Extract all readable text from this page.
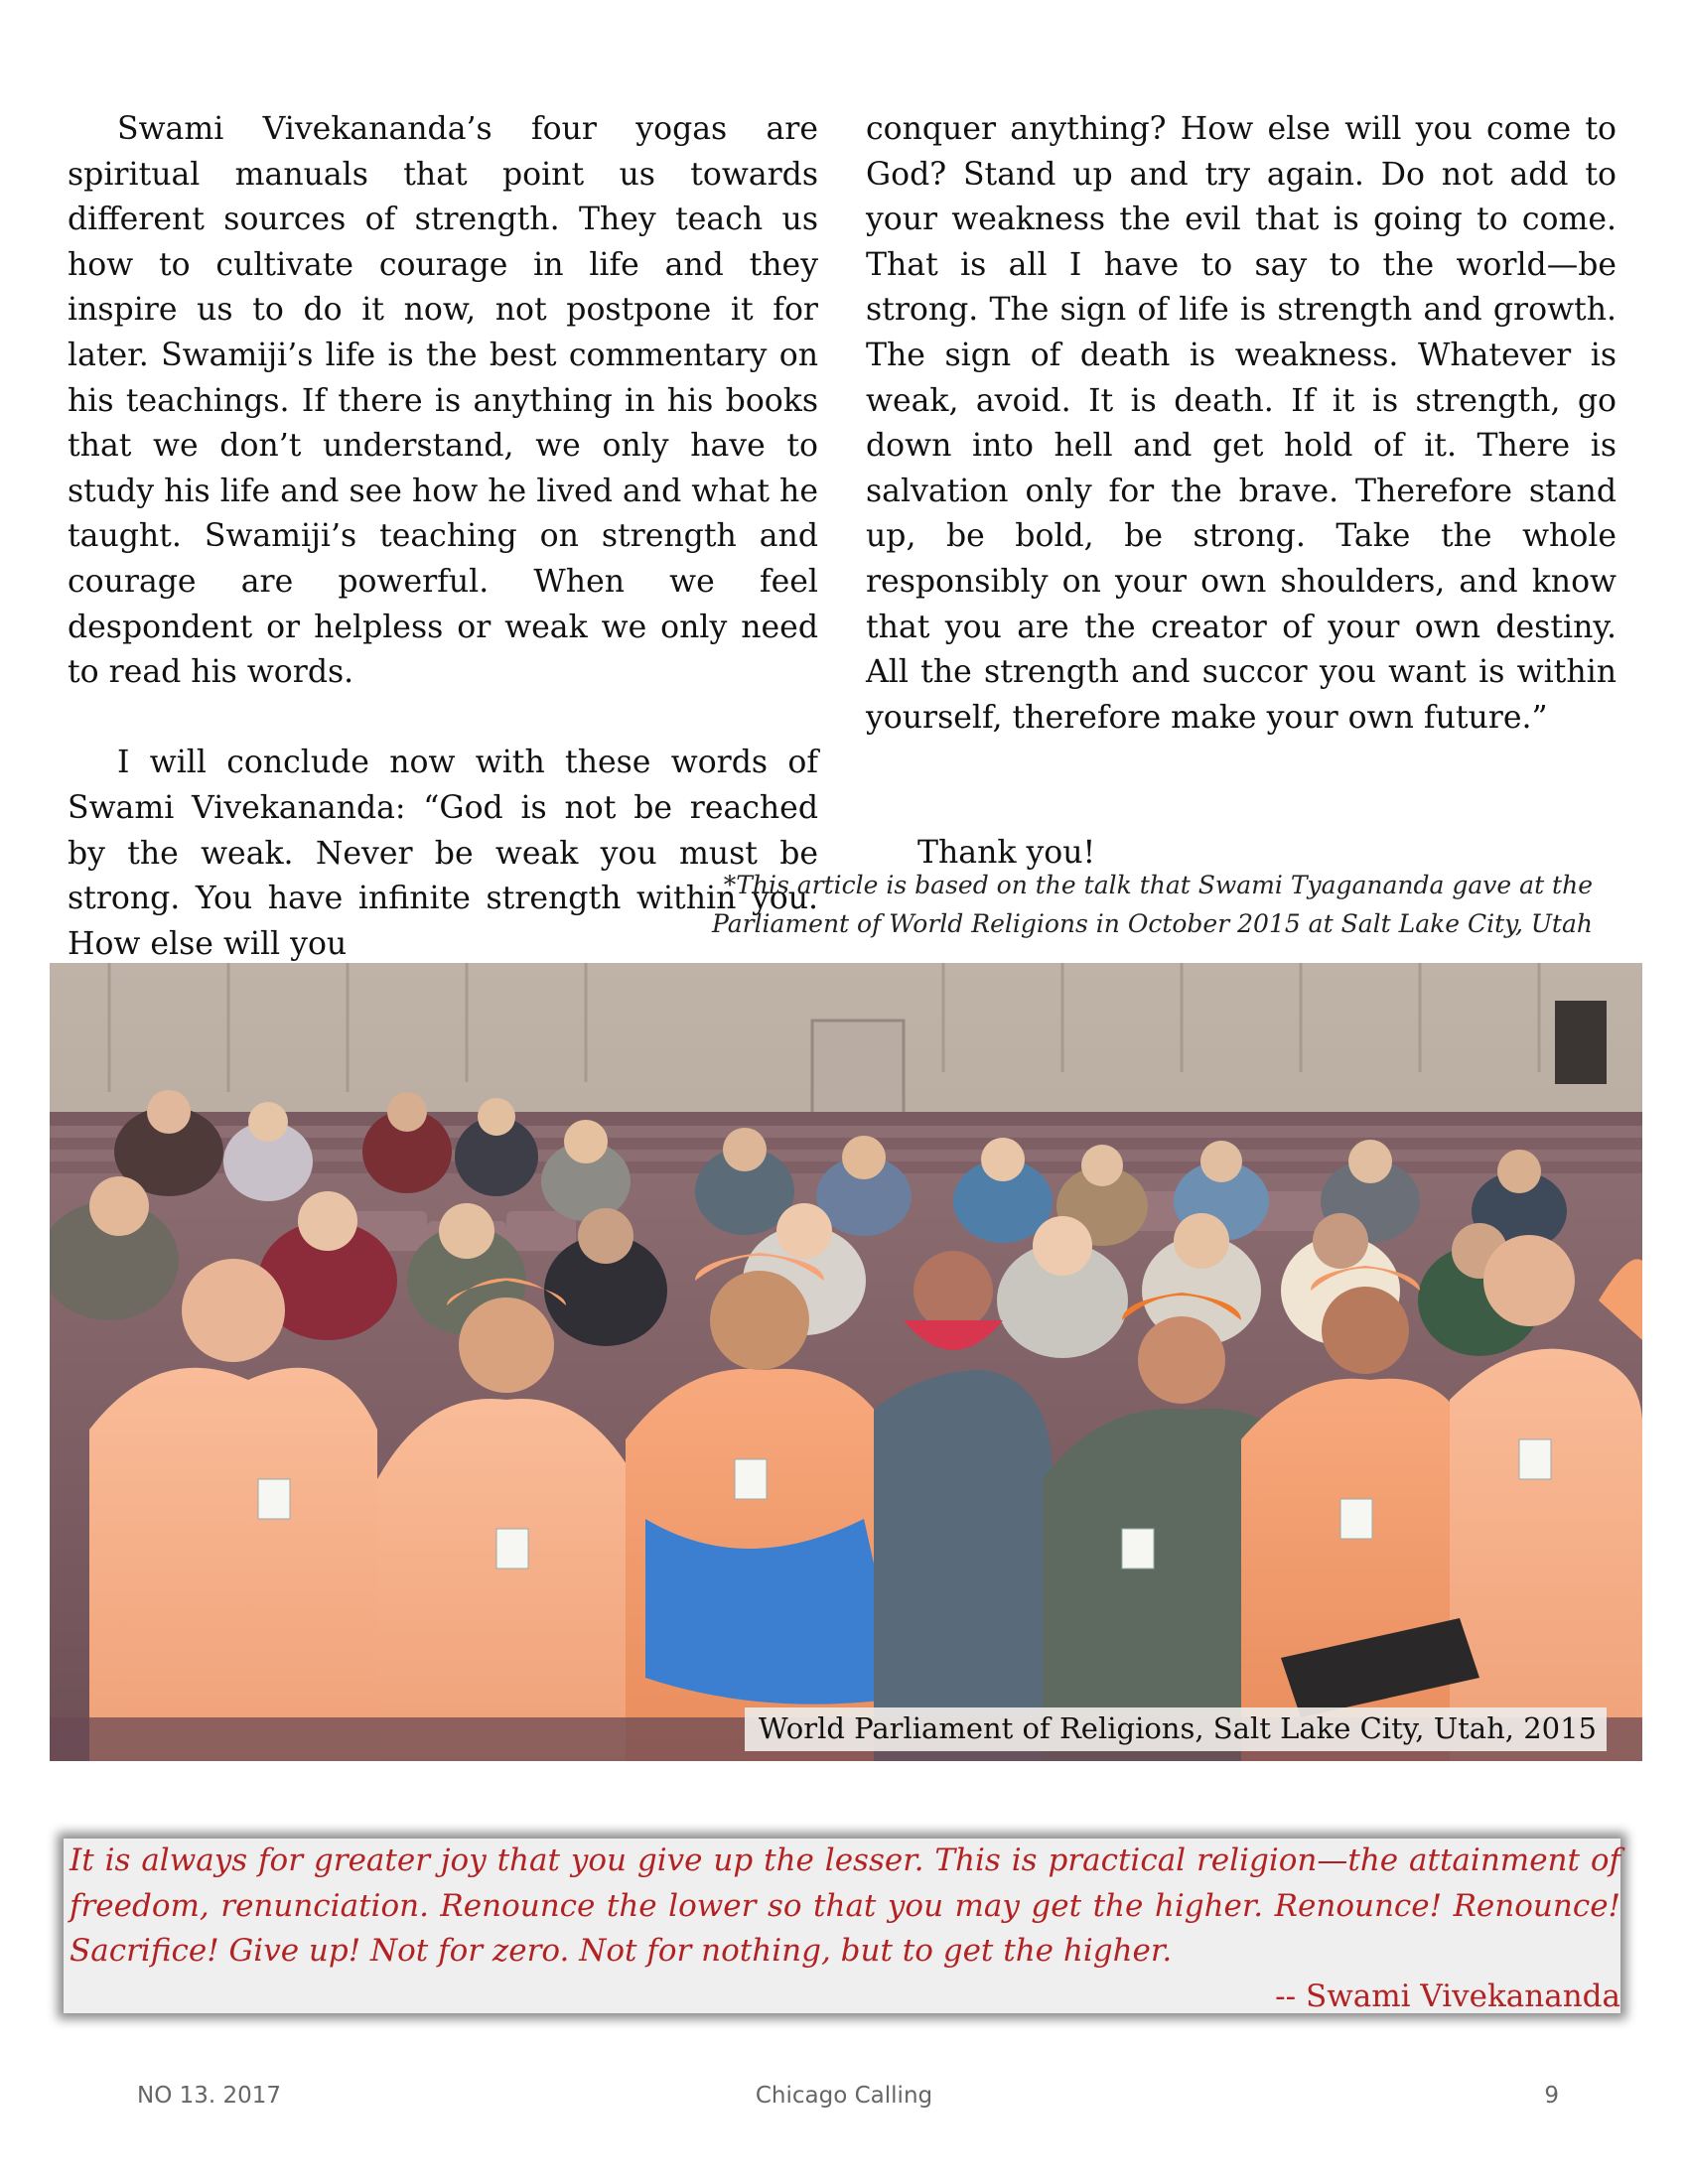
Swami Vivekananda’s four yogas are spiritual manuals that point us towards different sources of strength. They teach us how to cultivate courage in life and they inspire us to do it now, not postpone it for later. Swamiji’s life is the best commentary on his teachings. If there is anything in his books that we don’t understand, we only have to study his life and see how he lived and what he taught. Swamiji’s teaching on strength and courage are powerful. When we feel despondent or helpless or weak we only need to read his words.

I will conclude now with these words of Swami Vivekananda: “God is not be reached by the weak. Never be weak you must be strong. You have infinite strength within you. How else will you

conquer anything? How else will you come to God? Stand up and try again. Do not add to your weakness the evil that is going to come. That is all I have to say to the world—be strong. The sign of life is strength and growth. The sign of death is weakness. Whatever is weak, avoid. It is death. If it is strength, go down into hell and get hold of it. There is salvation only for the brave. Therefore stand up, be bold, be strong. Take the whole responsibly on your own shoulders, and know that you are the creator of your own destiny. All the strength and succor you want is within yourself, therefore make your own future.”

Thank you!

*This article is based on the talk that Swami Tyagananda gave at the
Parliament of World Religions in October 2015 at Salt Lake City, Utah
World Parliament of Religions, Salt Lake City, Utah, 2015
It is always for greater joy that you give up the lesser. This is practical religion—the attainment of freedom, renunciation. Renounce the lower so that you may get the higher. Renounce! Renounce! Sacrifice! Give up! Not for zero. Not for nothing, but to get the higher.
-- Swami Vivekananda
Chicago Calling
NO 13. 2017	9
